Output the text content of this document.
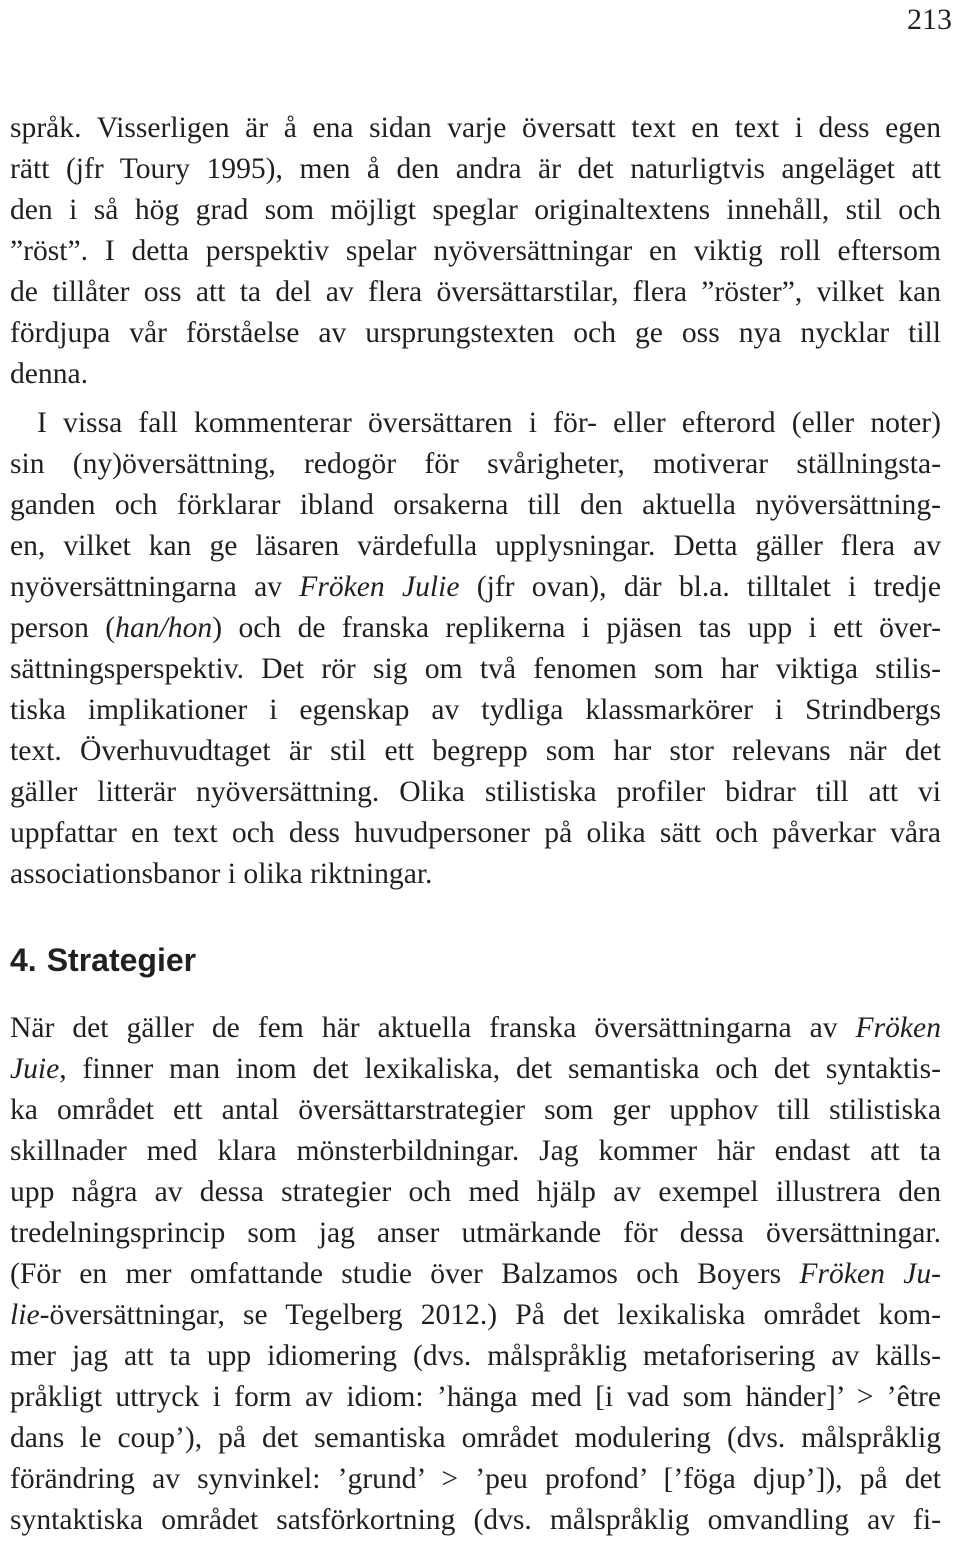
213
språk. Visserligen är å ena sidan varje översatt text en text i dess egen
rätt (jfr Toury 1995), men å den andra är det naturligtvis angeläget att
den i så hög grad som möjligt speglar originaltextens innehåll, stil och
”röst”. I detta perspektiv spelar nyöversättningar en viktig roll eftersom
de tillåter oss att ta del av flera översättarstilar, flera ”röster”, vilket kan
fördjupa vår förståelse av ursprungstexten och ge oss nya nycklar till
denna.
I vissa fall kommenterar översättaren i för- eller efterord (eller noter)
sin (ny)översättning, redogör för svårigheter, motiverar ställningsta-
ganden och förklarar ibland orsakerna till den aktuella nyöversättning-
en, vilket kan ge läsaren värdefulla upplysningar. Detta gäller flera av
nyöversättningarna av Fröken Julie (jfr ovan), där bl.a. tilltalet i tredje
person (han/hon) och de franska replikerna i pjäsen tas upp i ett över-
sättningsperspektiv. Det rör sig om två fenomen som har viktiga stilis-
tiska implikationer i egenskap av tydliga klassmarkörer i Strindbergs
text. Överhuvudtaget är stil ett begrepp som har stor relevans när det
gäller litterär nyöversättning. Olika stilistiska profiler bidrar till att vi
uppfattar en text och dess huvudpersoner på olika sätt och påverkar våra
associationsbanor i olika riktningar.
4. Strategier
När det gäller de fem här aktuella franska översättningarna av Fröken
Juie, finner man inom det lexikaliska, det semantiska och det syntaktis-
ka området ett antal översättarstrategier som ger upphov till stilistiska
skillnader med klara mönsterbildningar. Jag kommer här endast att ta
upp några av dessa strategier och med hjälp av exempel illustrera den
tredelningsprincip som jag anser utmärkande för dessa översättningar.
(För en mer omfattande studie över Balzamos och Boyers Fröken Ju-
lie-översättningar, se Tegelberg 2012.) På det lexikaliska området kom-
mer jag att ta upp idiomering (dvs. målspråklig metaforisering av källs-
pråkligt uttryck i form av idiom: ’hänga med [i vad som händer]’ > ’être
dans le coup’), på det semantiska området modulering (dvs. målspråklig
förändring av synvinkel: ’grund’ > ’peu profond’ [’föga djup’]), på det
syntaktiska området satsförkortning (dvs. målspråklig omvandling av fi-
